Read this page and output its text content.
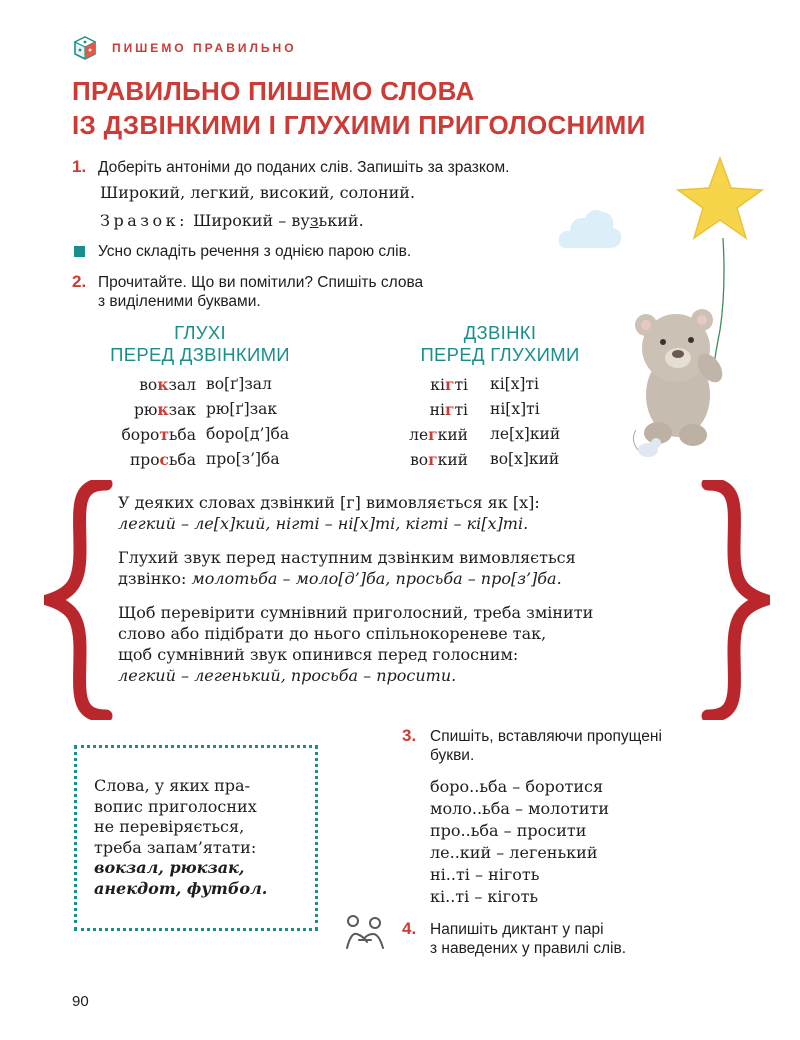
ПИШЕМО ПРАВИЛЬНО
ПРАВИЛЬНО ПИШЕМО СЛОВА
ІЗ ДЗВІНКИМИ І ГЛУХИМИ ПРИГОЛОСНИМИ
1. Доберіть антоніми до поданих слів. Запишіть за зразком.
Широкий, легкий, високий, солоний.
Зразок: Широкий – вузький.
Усно складіть речення з однією парою слів.
2. Прочитайте. Що ви помітили? Спишіть слова
з виділеними буквами.
ГЛУХІ
ПЕРЕД ДЗВІНКИМИ
ДЗВІНКІ
ПЕРЕД ГЛУХИМИ
вокзал во[ґ]зал
рюкзак рю[ґ]зак
боротьба боро[д’]ба
просьба про[з’]ба
кігті кі[х]ті
нігті ні[х]ті
легкий ле[х]кий
вогкий во[х]кий

У деяких словах дзвінкий [г] вимовляється як [х]:
легкий – ле[х]кий, нігті – ні[х]ті, кігті – кі[х]ті.

Глухий звук перед наступним дзвінким вимовляється
дзвінко: молотьба – моло[д’]ба, просьба – про[з’]ба.

Щоб перевірити сумнівний приголосний, треба змінити
слово або підібрати до нього спільнокореневе так,
щоб сумнівний звук опинився перед голосним:
легкий – легенький, просьба – просити.

Слова, у яких пра-
вопис приголосних
не перевіряється,
треба запам’ятати:
вокзал, рюкзак,
анекдот, футбол.
3. Спишіть, вставляючи пропущені
букви.
боро..ьба – боротися
моло..ьба – молотити
про..ьба – просити
ле..кий – легенький
ні..ті – ніготь
кі..ті – кіготь
4. Напишіть диктант у парі
з наведених у правилі слів.
90
